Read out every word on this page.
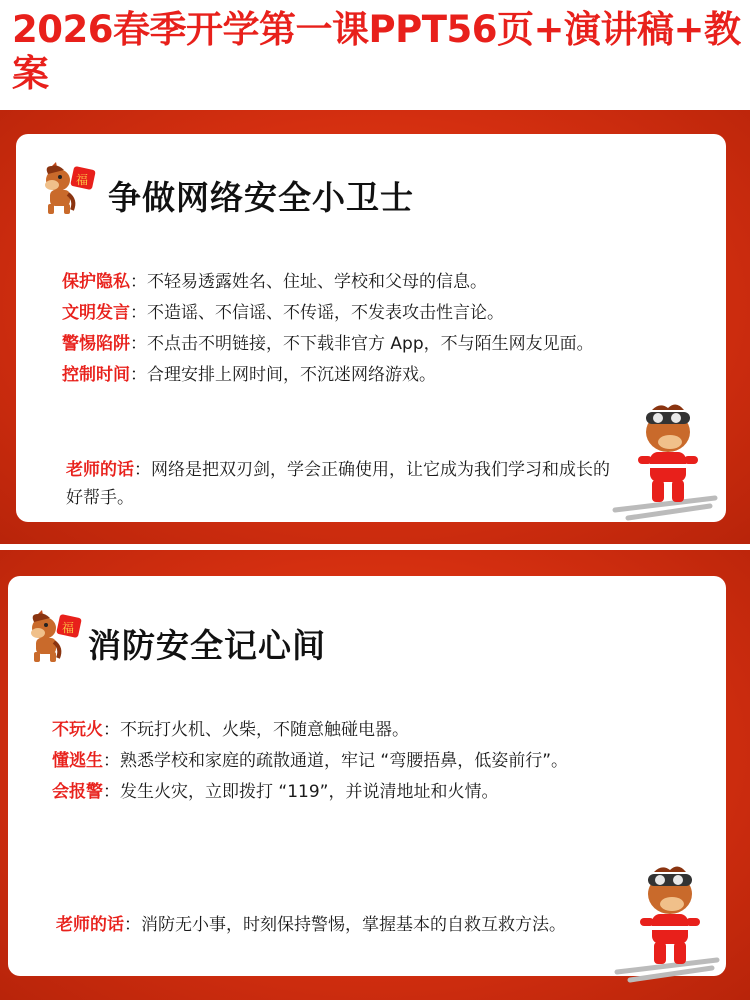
2026春季开学第一课PPT56页+演讲稿+教案
福 争做网络安全小卫士
保护隐私：不轻易透露姓名、住址、学校和父母的信息。
文明发言：不造谣、不信谣、不传谣，不发表攻击性言论。
警惕陷阱：不点击不明链接，不下载非官方 App，不与陌生网友见面。
控制时间：合理安排上网时间，不沉迷网络游戏。
老师的话：网络是把双刃剑，学会正确使用，让它成为我们学习和成长的好帮手。
福 消防安全记心间
不玩火：不玩打火机、火柴，不随意触碰电器。
懂逃生：熟悉学校和家庭的疏散通道，牢记 “弯腰捂鼻，低姿前行”。
会报警：发生火灾，立即拨打 “119”，并说清地址和火情。
老师的话：消防无小事，时刻保持警惕，掌握基本的自救互救方法。
